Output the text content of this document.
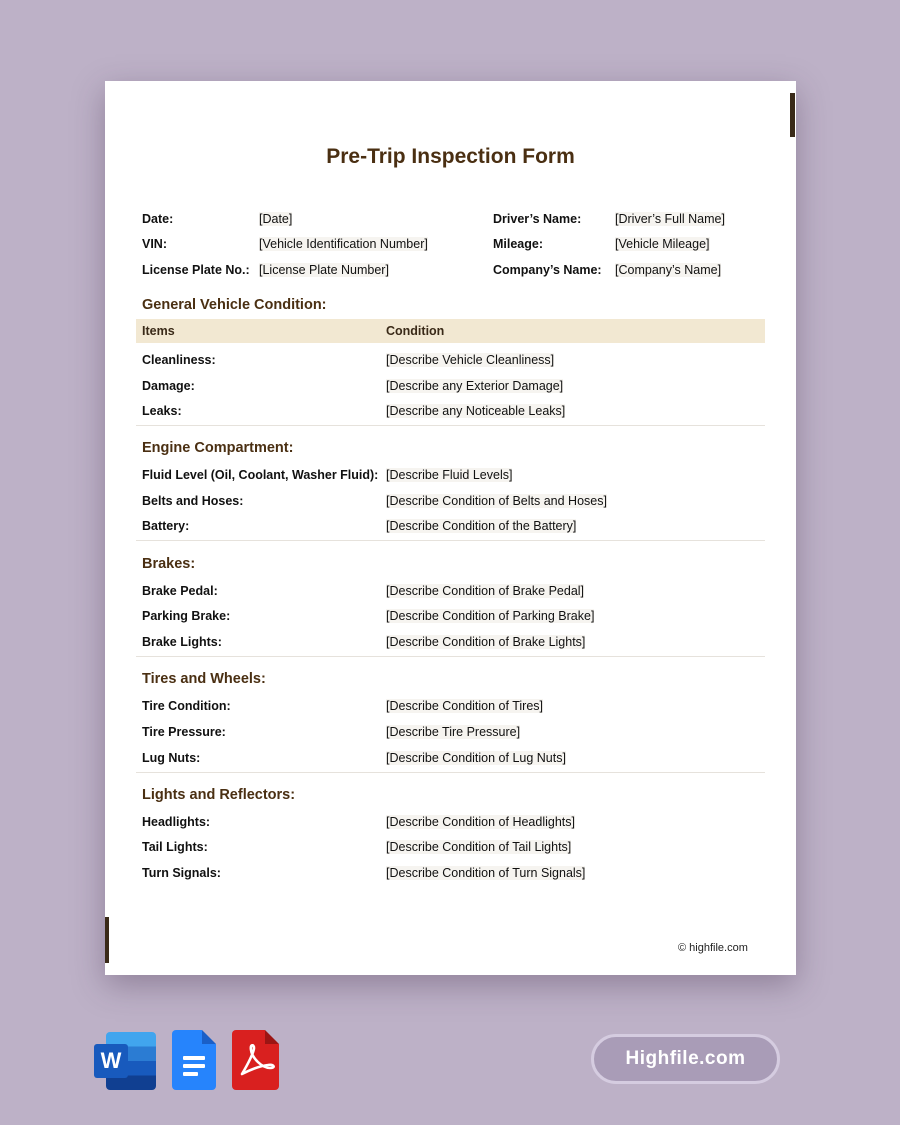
Pre-Trip Inspection Form
Date:	[Date]
VIN:	[Vehicle Identification Number]
License Plate No.: [License Plate Number]
Driver’s Name:	[Driver’s Full Name]
Mileage:	[Vehicle Mileage]
Company’s Name: [Company’s Name]
General Vehicle Condition:
Items	Condition
Cleanliness:	[Describe Vehicle Cleanliness]
Damage:	[Describe any Exterior Damage]
Leaks:	[Describe any Noticeable Leaks]
Engine Compartment:
Fluid Level (Oil, Coolant, Washer Fluid): [Describe Fluid Levels]
Belts and Hoses:	[Describe Condition of Belts and Hoses]
Battery:	[Describe Condition of the Battery]
Brakes:
Brake Pedal:	[Describe Condition of Brake Pedal]
Parking Brake:	[Describe Condition of Parking Brake]
Brake Lights:	[Describe Condition of Brake Lights]
Tires and Wheels:
Tire Condition:	[Describe Condition of Tires]
Tire Pressure:	[Describe Tire Pressure]
Lug Nuts:	[Describe Condition of Lug Nuts]
Lights and Reflectors:
Headlights:	[Describe Condition of Headlights]
Tail Lights:	[Describe Condition of Tail Lights]
Turn Signals:	[Describe Condition of Turn Signals]
© highfile.com
W	Highfile.com
